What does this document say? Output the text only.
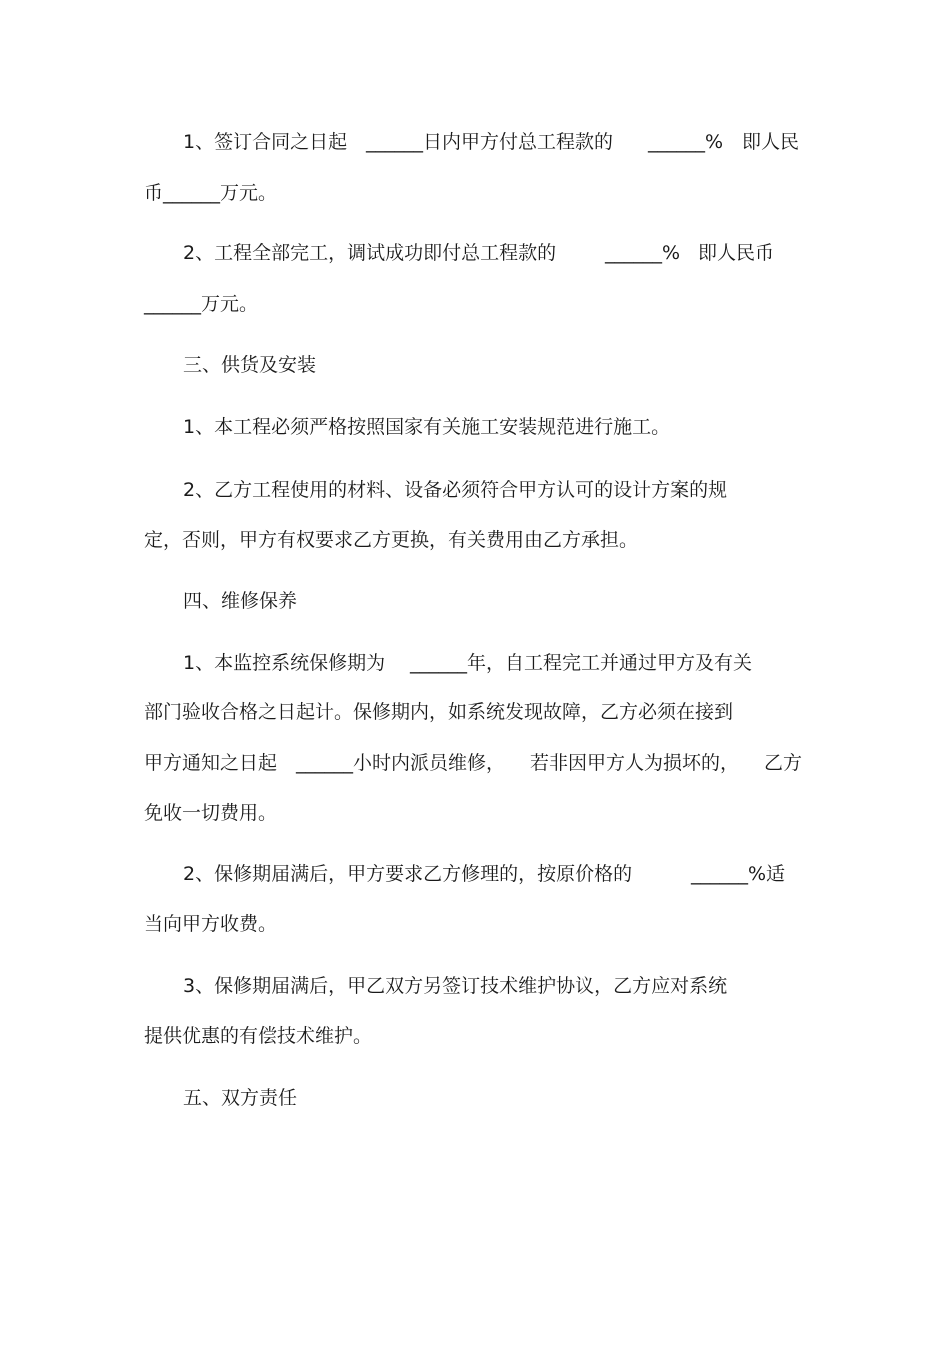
1、签订合同之日起

______日内甲方付总工程款的

______%

即人民

币______万元。

2、工程全部完工，调试成功即付总工程款的

	______%

即人民币

______万元。

三、供货及安装

1、本工程必须严格按照国家有关施工安装规范进行施工。

2、乙方工程使用的材料、设备必须符合甲方认可的设计方案的规

定，否则，甲方有权要求乙方更换，有关费用由乙方承担。

四、维修保养

1、本监控系统保修期为

______年，自工程完工并通过甲方及有关

部门验收合格之日起计。保修期内，如系统发现故障，乙方必须在接到

甲方通知之日起

______小时内派员维修，

若非因甲方人为损坏的，

乙方

免收一切费用。

2、保修期届满后，甲方要求乙方修理的，按原价格的

	______%适

当向甲方收费。

3、保修期届满后，甲乙双方另签订技术维护协议，乙方应对系统

提供优惠的有偿技术维护。

五、双方责任
